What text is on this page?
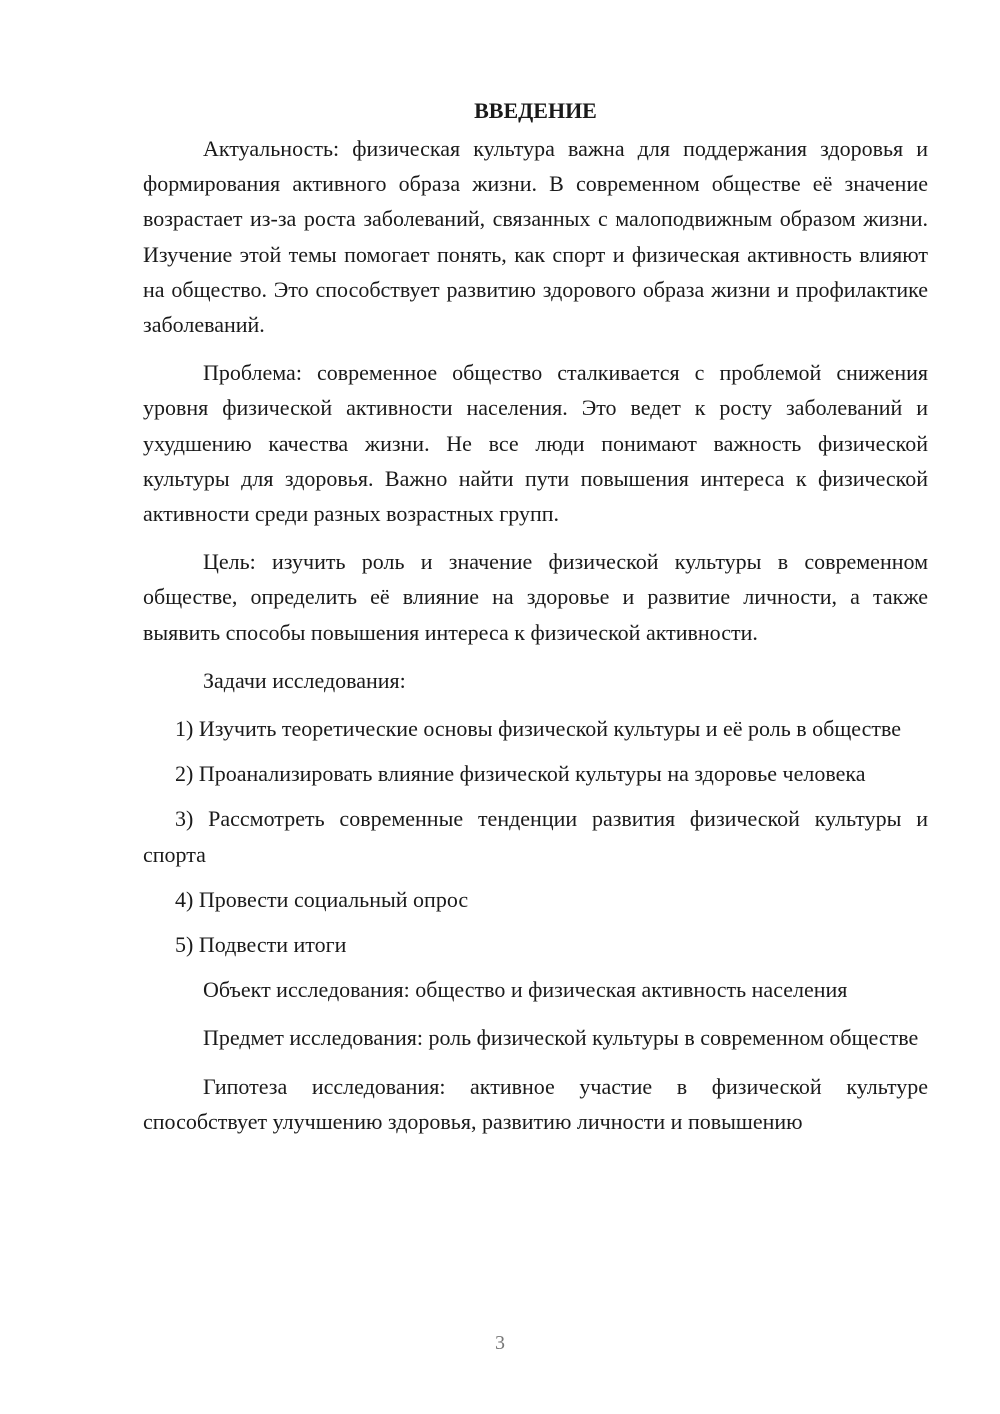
ВВЕДЕНИЕ

Актуальность: физическая культура важна для поддержания здоровья и формирования активного образа жизни. В современном обществе её значение возрастает из-за роста заболеваний, связанных с малоподвижным образом жизни. Изучение этой темы помогает понять, как спорт и физическая активность влияют на общество. Это способствует развитию здорового образа жизни и профилактике заболеваний.

Проблема: современное общество сталкивается с проблемой снижения уровня физической активности населения. Это ведет к росту заболеваний и ухудшению качества жизни. Не все люди понимают важность физической культуры для здоровья. Важно найти пути повышения интереса к физической активности среди разных возрастных групп.

Цель: изучить роль и значение физической культуры в современном обществе, определить её влияние на здоровье и развитие личности, а также выявить способы повышения интереса к физической активности.

Задачи исследования:

1) Изучить теоретические основы физической культуры и её роль в обществе

2) Проанализировать влияние физической культуры на здоровье человека

3) Рассмотреть современные тенденции развития физической культуры и спорта

4) Провести социальный опрос

5) Подвести итоги

Объект исследования: общество и физическая активность населения

Предмет исследования: роль физической культуры в современном обществе

Гипотеза исследования: активное участие в физической культуре способствует улучшению здоровья, развитию личности и повышению

3
